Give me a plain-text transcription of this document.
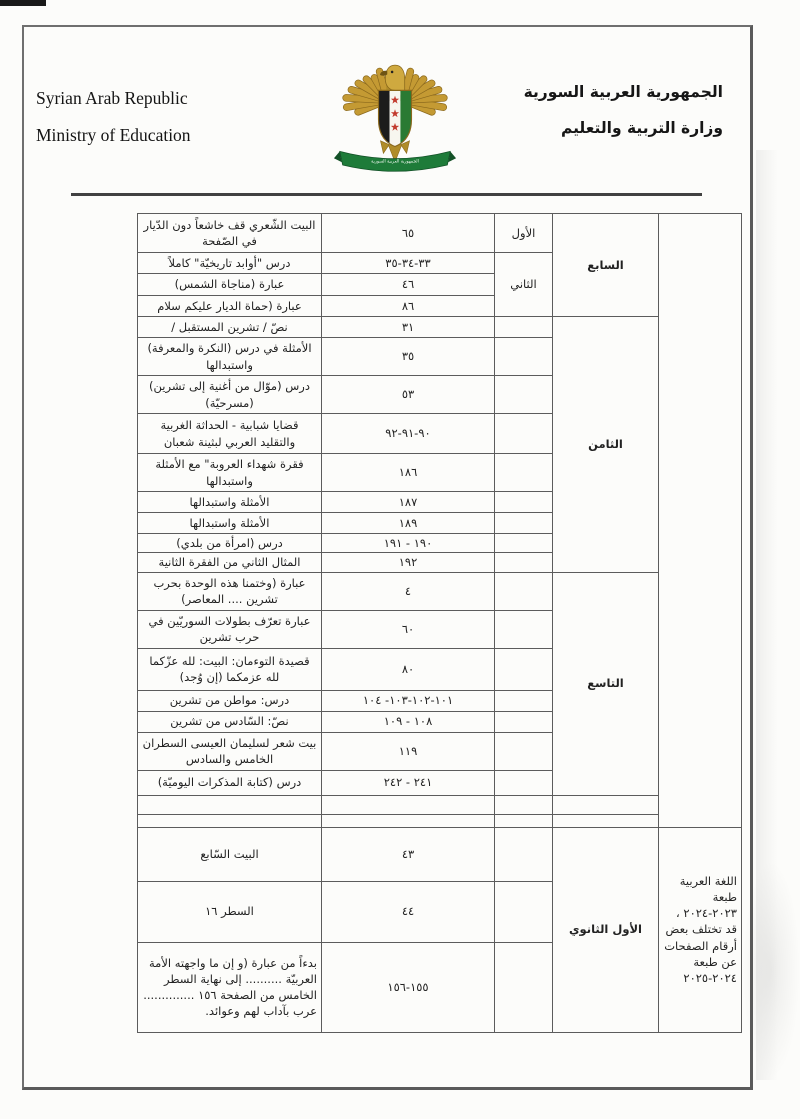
Syrian Arab Republic
Ministry of Education
الجمهورية العربية السورية
الجمهورية العربية السورية
وزارة التربية والتعليم
	السابع	الأول	٦٥	البيت الشّعري قف خاشعاً دون الدّيار في الصّفحة
		الثاني	٣٣-٣٤-٣٥	درس "أوابد تاريخيّة" كاملاً
			٤٦	عبارة (مناجاة الشمس)
			٨٦	عبارة (حماة الديار عليكم سلام
	الثامن		٣١	نصّ / تشرين المستقبل /
			٣٥	الأمثلة في درس (النكرة والمعرفة) واستبدالها
			٥٣	درس (موّال من أغنية إلى تشرين) (مسرحيّة)
			٩٠-٩١-٩٢	قضايا شبابية - الحداثة الغربية والتقليد العربي لبثينة شعبان
			١٨٦	فقرة شهداء العروبة" مع الأمثلة واستبدالها
			١٨٧	الأمثلة واستبدالها
			١٨٩	الأمثلة واستبدالها
			١٩٠ - ١٩١	درس (امرأة من بلدي)
			١٩٢	المثال الثاني من الفقرة الثانية
	التاسع		٤	عبارة (وختمنا هذه الوحدة بحرب تشرين .... المعاصر)
			٦٠	عبارة تعرّف بطولات السوريّين في حرب تشرين
			٨٠	قصيدة التوءمان: البيت: لله عزّكما لله عزمكما (إن وُجد)
			١٠١-١٠٢-١٠٣- ١٠٤	درس: مواطن من تشرين
			١٠٨ - ١٠٩	نصّ: السّادس من تشرين
			١١٩	بيت شعر لسليمان العيسى السطران الخامس والسادس
			٢٤١ - ٢٤٢	درس (كتابة المذكرات اليوميّة)

اللغة العربية طبعة ٢٠٢٣-٢٠٢٤ ، قد تختلف بعض أرقام الصفحات عن طبعة ٢٠٢٤-٢٠٢٥	الأول الثانوي		٤٣	البيت السّابع
			٤٤	السطر ١٦
			١٥٥-١٥٦	بدءاً من عبارة (و إن ما واجهته الأمة العربيّة .......... إلى نهاية السطر الخامس من الصفحة ١٥٦ .............. عرب بآداب لهم وعوائد.
